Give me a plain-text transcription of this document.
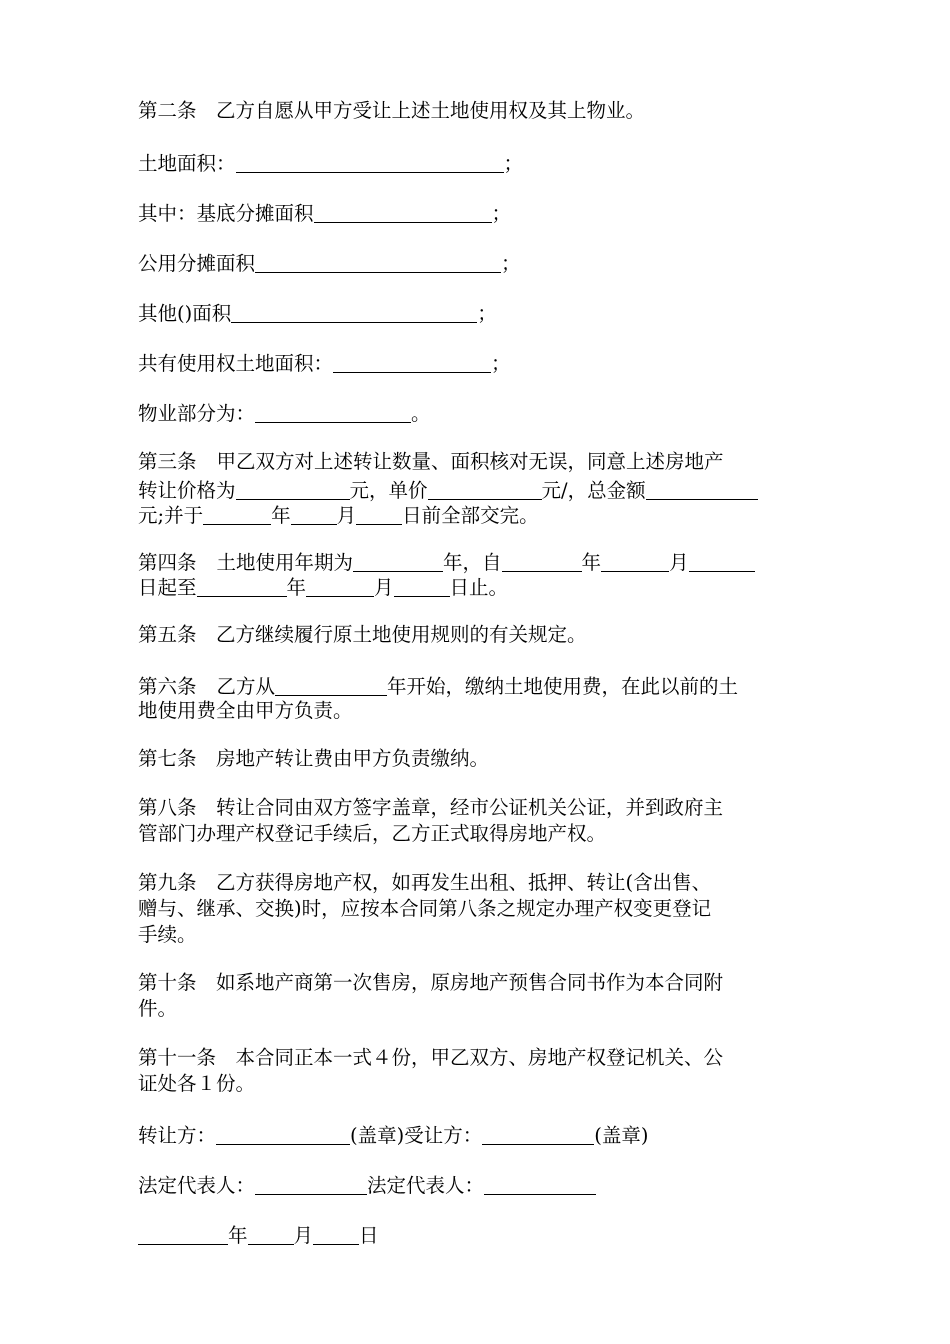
第二条　乙方自愿从甲方受让上述土地使用权及其上物业。
土地面积：	；
其中：基底分摊面积	；
公用分摊面积	；
其他()面积	；
共有使用权土地面积：	；
物业部分为：	。
第三条 甲乙双方对上述转让数量、面积核对无误，同意上述房地产
转让价格为	元，单价	元/，总金额
元;并于	年 月 日前全部交完。
第四条 土地使用年期为	年，自	年	月
日起至	年	月	日止。
第五条　乙方继续履行原土地使用规则的有关规定。
第六条 乙方从	年开始，缴纳土地使用费，在此以前的土
地使用费全由甲方负责。
第七条　房地产转让费由甲方负责缴纳。
第八条　转让合同由双方签字盖章，经市公证机关公证，并到政府主
管部门办理产权登记手续后，乙方正式取得房地产权。
第九条　乙方获得房地产权，如再发生出租、抵押、转让(含出售、
赠与、继承、交换)时，应按本合同第八条之规定办理产权变更登记
手续。
第十条　如系地产商第一次售房，原房地产预售合同书作为本合同附
件。
第十一条　本合同正本一式４份，甲乙双方、房地产权登记机关、公
证处各１份。
转让方：	(盖章)受让方：	(盖章)
法定代表人：	法定代表人：
年 月 日
